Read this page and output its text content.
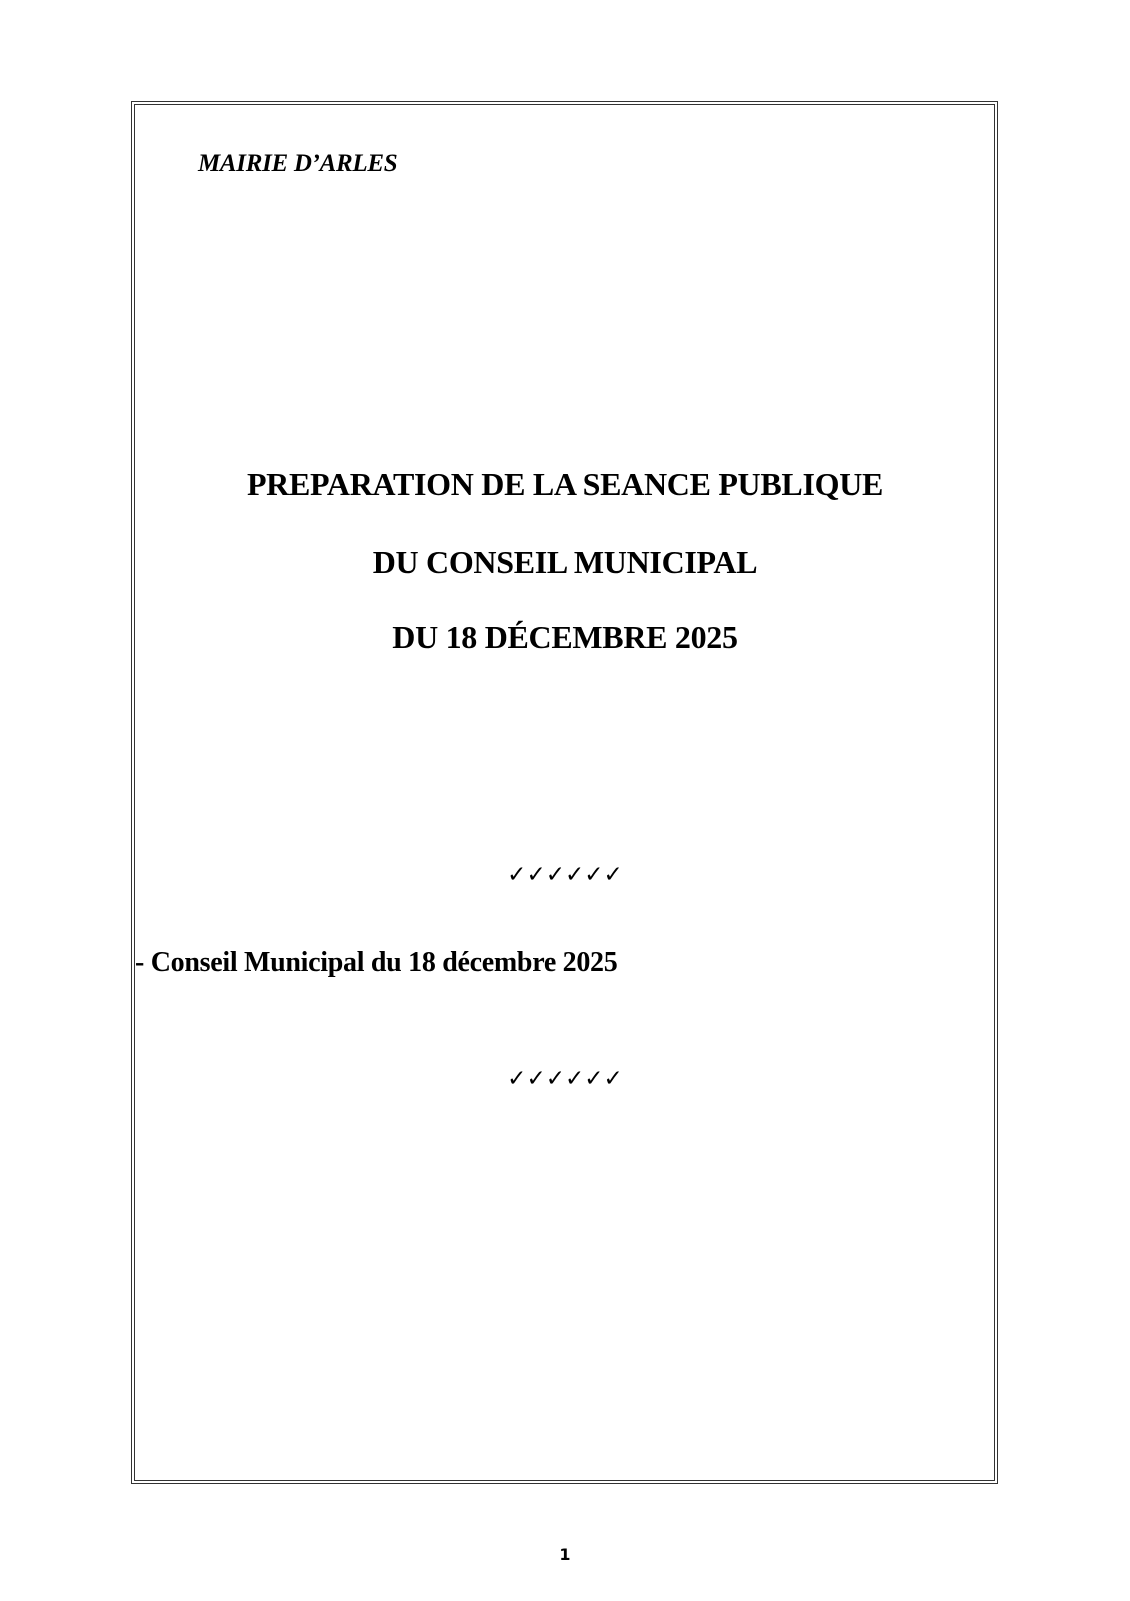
MAIRIE D’ARLES
PREPARATION DE LA SEANCE PUBLIQUE
DU CONSEIL MUNICIPAL
DU 18 DÉCEMBRE 2025
✓✓✓✓✓✓
- Conseil Municipal du 18 décembre 2025
✓✓✓✓✓✓
1
